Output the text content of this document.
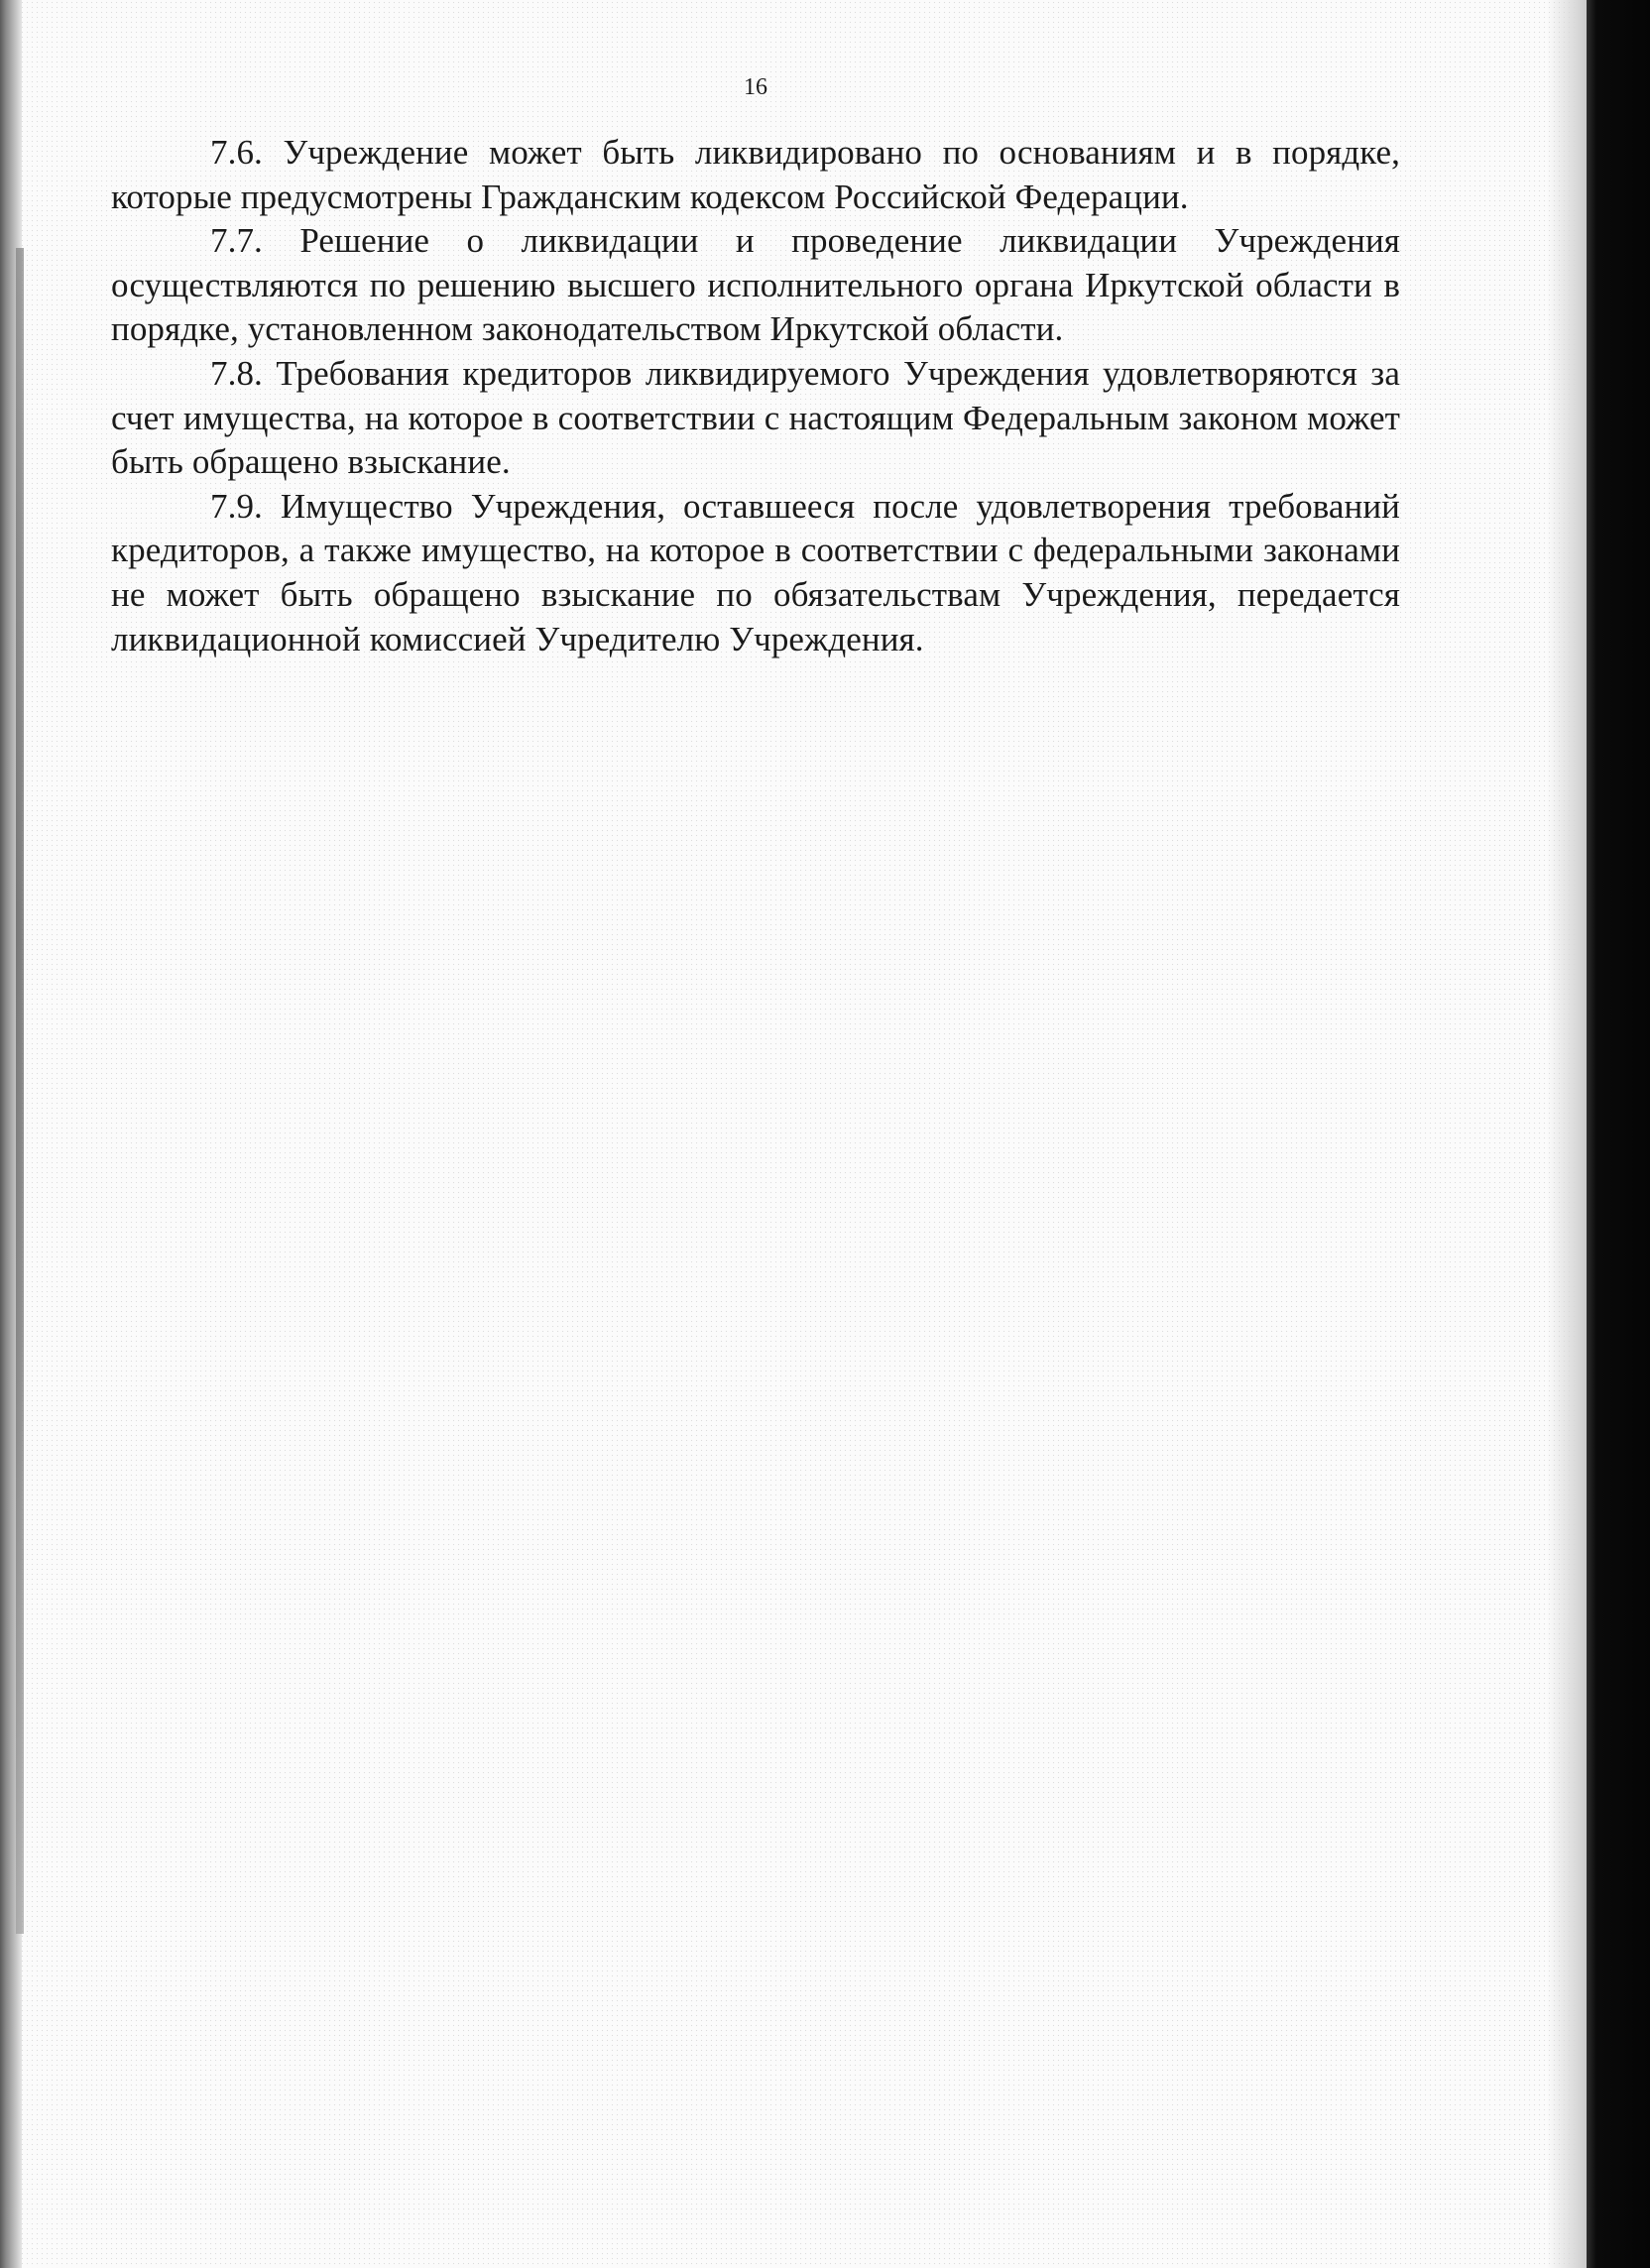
16

7.6. Учреждение может быть ликвидировано по основаниям и в порядке, которые предусмотрены Гражданским кодексом Российской Федерации.

7.7. Решение о ликвидации и проведение ликвидации Учреждения осуществляются по решению высшего исполнительного органа Иркутской области в порядке, установленном законодательством Иркутской области.

7.8. Требования кредиторов ликвидируемого Учреждения удовлетворяются за счет имущества, на которое в соответствии с настоящим Федеральным законом может быть обращено взыскание.

7.9. Имущество Учреждения, оставшееся после удовлетворения требований кредиторов, а также имущество, на которое в соответствии с федеральными законами не может быть обращено взыскание по обязательствам Учреждения, передается ликвидационной комиссией Учредителю Учреждения.
